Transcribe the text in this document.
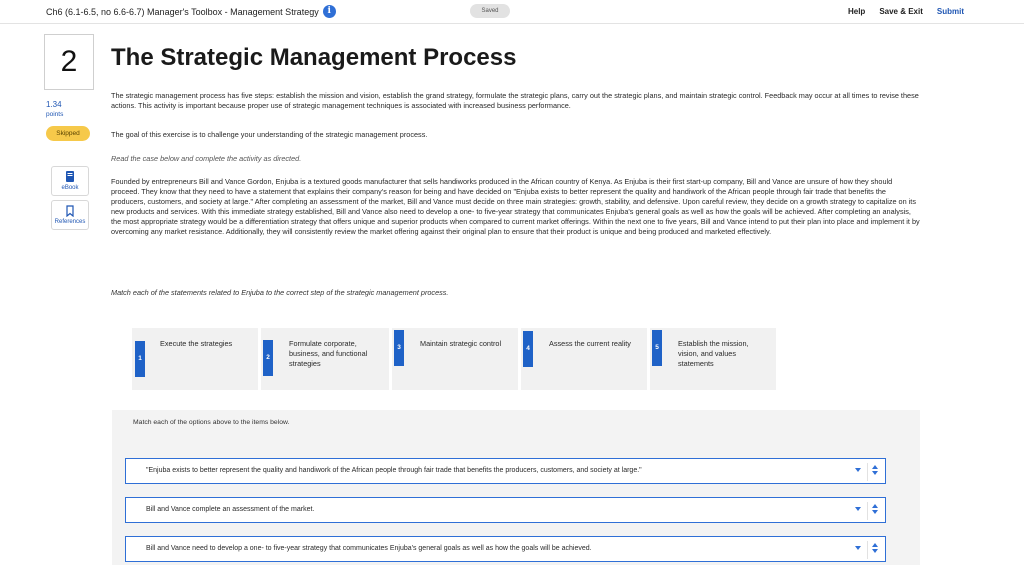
Ch6 (6.1-6.5, no 6.6-6.7) Manager's Toolbox - Management Strategy i	Saved	Help Save & Exit Submit
2
1.34
points
Skipped
eBook
References
The Strategic Management Process
The strategic management process has five steps: establish the mission and vision, establish the grand strategy, formulate the strategic plans, carry out the strategic plans, and maintain strategic control. Feedback may occur at all times to revise these actions. This activity is important because proper use of strategic management techniques is associated with increased business performance.
The goal of this exercise is to challenge your understanding of the strategic management process.
Read the case below and complete the activity as directed.
Founded by entrepreneurs Bill and Vance Gordon, Enjuba is a textured goods manufacturer that sells handiworks produced in the African country of Kenya. As Enjuba is their first start-up company, Bill and Vance are unsure of how they should proceed. They know that they need to have a statement that explains their company's reason for being and have decided on "Enjuba exists to better represent the quality and handiwork of the African people through fair trade that benefits the producers, customers, and society at large." After completing an assessment of the market, Bill and Vance must decide on three main strategies: growth, stability, and defensive. Upon careful review, they decide on a growth strategy to capitalize on its new products and services. With this immediate strategy established, Bill and Vance also need to develop a one- to five-year strategy that communicates Enjuba's general goals as well as how the goals will be achieved. After completing an analysis, the most appropriate strategy would be a differentiation strategy that offers unique and superior products when compared to current market offerings. Within the next one to five years, Bill and Vance intend to put their plan into place and implement it by overcoming any market resistance. Additionally, they will consistently review the market offering against their original plan to ensure that their product is unique and being produced and marketed effectively.
Match each of the statements related to Enjuba to the correct step of the strategic management process.
1
Execute the strategies
2
Formulate corporate, business, and functional strategies
3	Maintain strategic control
4
Assess the current reality	5	Establish the mission, vision, and values statements
Match each of the options above to the items below.
"Enjuba exists to better represent the quality and handiwork of the African people through fair trade that benefits the producers, customers, and society at large."
Bill and Vance complete an assessment of the market.
Bill and Vance need to develop a one- to five-year strategy that communicates Enjuba's general goals as well as how the goals will be achieved.
